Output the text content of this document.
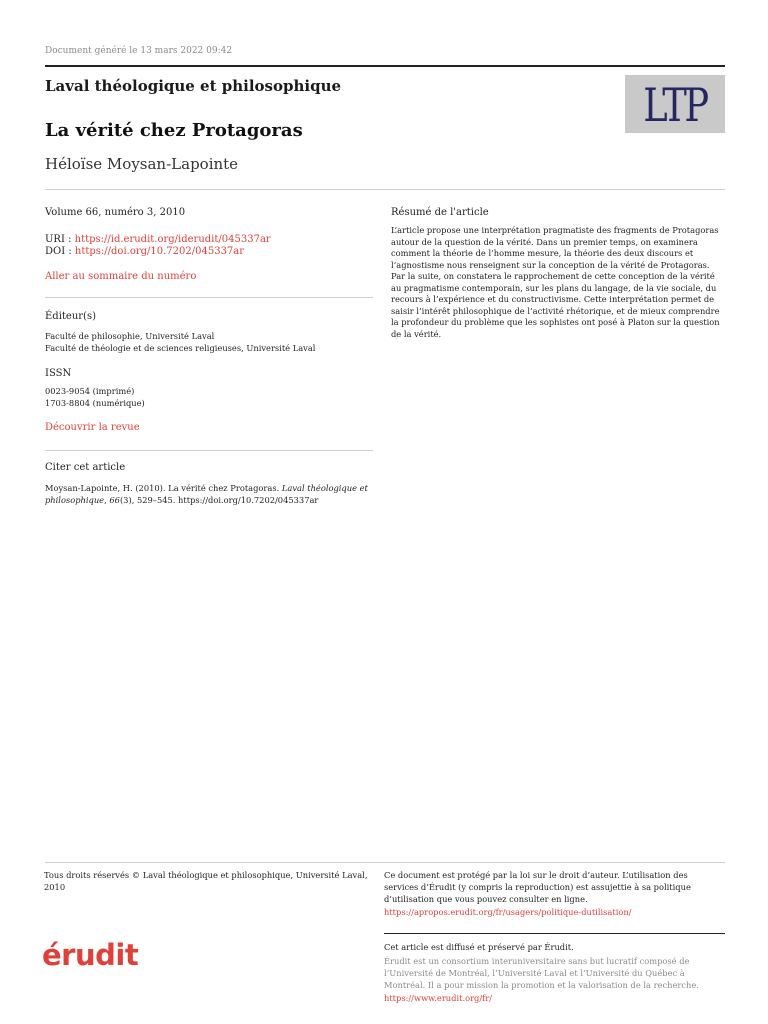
Document généré le 13 mars 2022 09:42
Laval théologique et philosophique	LTP
La vérité chez Protagoras
Héloïse Moysan-Lapointe
Volume 66, numéro 3, 2010
URI : https://id.erudit.org/iderudit/045337ar
DOI : https://doi.org/10.7202/045337ar
Aller au sommaire du numéro
Éditeur(s)
Faculté de philosophie, Université Laval
Faculté de théologie et de sciences religieuses, Université Laval
ISSN
0023-9054 (imprimé)
1703-8804 (numérique)
Découvrir la revue
Citer cet article
Moysan-Lapointe, H. (2010). La vérité chez Protagoras. Laval théologique et philosophique, 66(3), 529–545. https://doi.org/10.7202/045337ar
Résumé de l'article
L’article propose une interprétation pragmatiste des fragments de Protagoras autour de la question de la vérité. Dans un premier temps, on examinera comment la théorie de l’homme mesure, la théorie des deux discours et l’agnostisme nous renseignent sur la conception de la vérité de Protagoras. Par la suite, on constatera le rapprochement de cette conception de la vérité au pragmatisme contemporain, sur les plans du langage, de la vie sociale, du recours à l’expérience et du constructivisme. Cette interprétation permet de saisir l’intérêt philosophique de l’activité rhétorique, et de mieux comprendre la profondeur du problème que les sophistes ont posé à Platon sur la question de la vérité.
Tous droits réservés © Laval théologique et philosophique, Université Laval, 2010
Ce document est protégé par la loi sur le droit d’auteur. L’utilisation des services d’Érudit (y compris la reproduction) est assujettie à sa politique d’utilisation que vous pouvez consulter en ligne.
https://apropos.erudit.org/fr/usagers/politique-dutilisation/
érudit	Cet article est diffusé et préservé par Érudit.
Érudit est un consortium interuniversitaire sans but lucratif composé de l’Université de Montréal, l’Université Laval et l’Université du Québec à Montréal. Il a pour mission la promotion et la valorisation de la recherche.
https://www.erudit.org/fr/
